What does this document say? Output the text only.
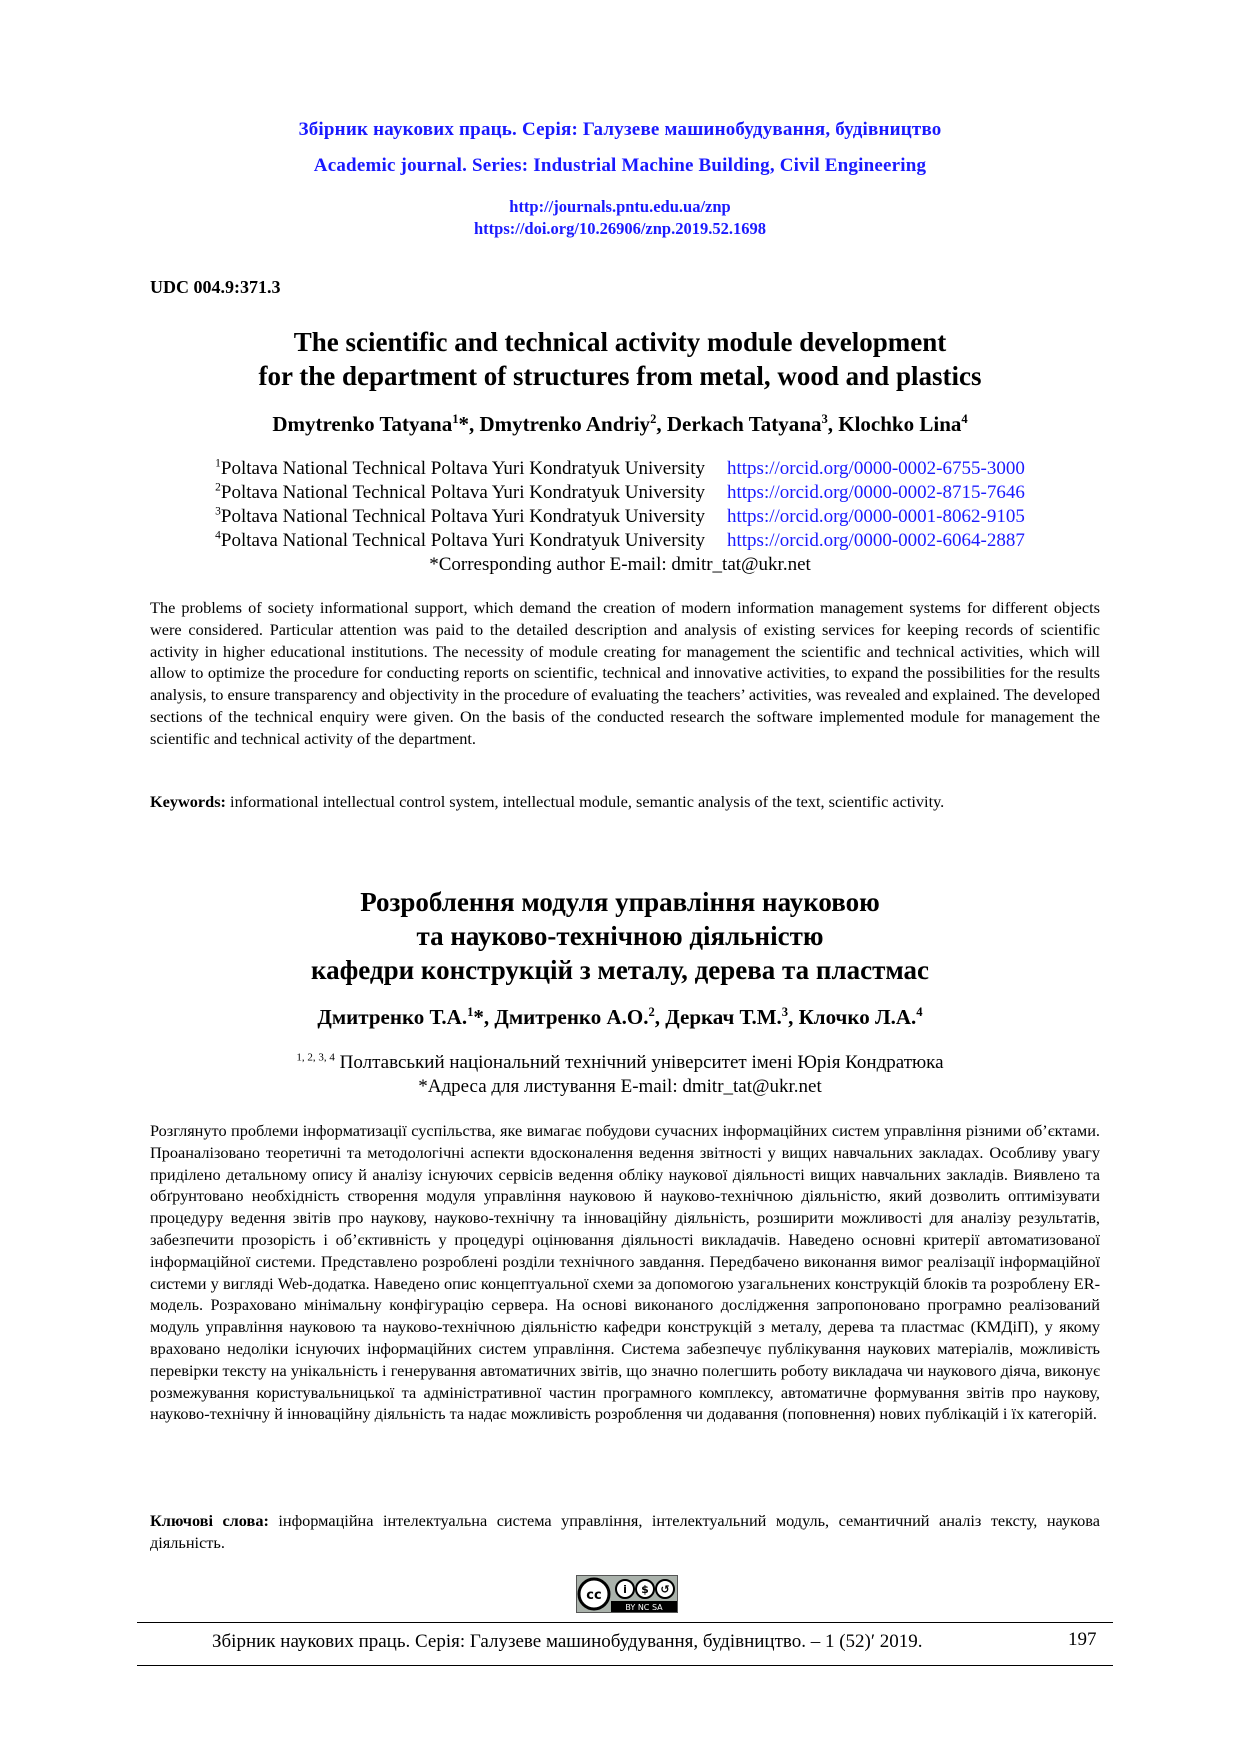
Збірник наукових праць. Серія: Галузеве машинобудування, будівництво
Academic journal. Series: Industrial Machine Building, Civil Engineering
http://journals.pntu.edu.ua/znp
https://doi.org/10.26906/znp.2019.52.1698
UDC 004.9:371.3
The scientific and technical activity module development
for the department of structures from metal, wood and plastics
Dmytrenko Tatyana$^1$*, Dmytrenko Andriy$^2$, Derkach Tatyana$^3$, Klochko Lina$^4$
$^1$Poltava National Technical Poltava Yuri Kondratyuk University https://orcid.org/0000-0002-6755-3000
$^2$Poltava National Technical Poltava Yuri Kondratyuk University https://orcid.org/0000-0002-8715-7646
$^3$Poltava National Technical Poltava Yuri Kondratyuk University https://orcid.org/0000-0001-8062-9105
$^4$Poltava National Technical Poltava Yuri Kondratyuk University https://orcid.org/0000-0002-6064-2887
*Corresponding author E-mail: dmitr_tat@ukr.net
The problems of society informational support, which demand the creation of modern information management systems for different objects were considered. Particular attention was paid to the detailed description and analysis of existing services for keeping records of scientific activity in higher educational institutions. The necessity of module creating for management the scientific and technical activities, which will allow to optimize the procedure for conducting reports on scientific, technical and innovative activities, to expand the possibilities for the results analysis, to ensure transparency and objectivity in the procedure of evaluating the teachers’ activities, was revealed and explained. The developed sections of the technical enquiry were given. On the basis of the conducted research the software implemented module for management the scientific and technical activity of the department.
Keywords: informational intellectual control system, intellectual module, semantic analysis of the text, scientific activity.
Розроблення модуля управління науковою
та науково-технічною діяльністю
кафедри конструкцій з металу, дерева та пластмас
Дмитренко Т.А.$^1$*, Дмитренко А.О.$^2$, Деркач Т.М.$^3$, Клочко Л.А.$^4$
$^{1, 2, 3, 4}$ Полтавський національний технічний університет імені Юрія Кондратюка
*Адреса для листування E-mail: dmitr_tat@ukr.net
Розглянуто проблеми інформатизації суспільства, яке вимагає побудови сучасних інформаційних систем управління різними об’єктами. Проаналізовано теоретичні та методологічні аспекти вдосконалення ведення звітності у вищих навчальних закладах. Особливу увагу приділено детальному опису й аналізу існуючих сервісів ведення обліку наукової діяльності вищих навчальних закладів. Виявлено та обґрунтовано необхідність створення модуля управління науковою й науково-технічною діяльністю, який дозволить оптимізувати процедуру ведення звітів про наукову, науково-технічну та інноваційну діяльність, розширити можливості для аналізу результатів, забезпечити прозорість і об’єктивність у процедурі оцінювання діяльності викладачів. Наведено основні критерії автоматизованої інформаційної системи. Представлено розроблені розділи технічного завдання. Передбачено виконання вимог реалізації інформаційної системи у вигляді Web-додатка. Наведено опис концептуальної схеми за допомогою узагальнених конструкцій блоків та розроблену ER-модель. Розраховано мінімальну конфігурацію сервера. На основі виконаного дослідження запропоновано програмно реалізований модуль управління науковою та науково-технічною діяльністю кафедри конструкцій з металу, дерева та пластмас (КМДіП), у якому враховано недоліки існуючих інформаційних систем управління. Система забезпечує публікування наукових матеріалів, можливість перевірки тексту на унікальність і генерування автоматичних звітів, що значно полегшить роботу викладача чи наукового діяча, виконує розмежування користувальницької та адміністративної частин програмного комплексу, автоматичне формування звітів про наукову, науково-технічну й інноваційну діяльність та надає можливість розроблення чи додавання (поповнення) нових публікацій і їх категорій.
Ключові слова: інформаційна інтелектуальна система управління, інтелектуальний модуль, семантичний аналіз тексту, наукова діяльність.
cc i $ ↺
BY NC SA
Збірник наукових праць. Серія: Галузеве машинобудування, будівництво. – 1 (52)′ 2019.	197
